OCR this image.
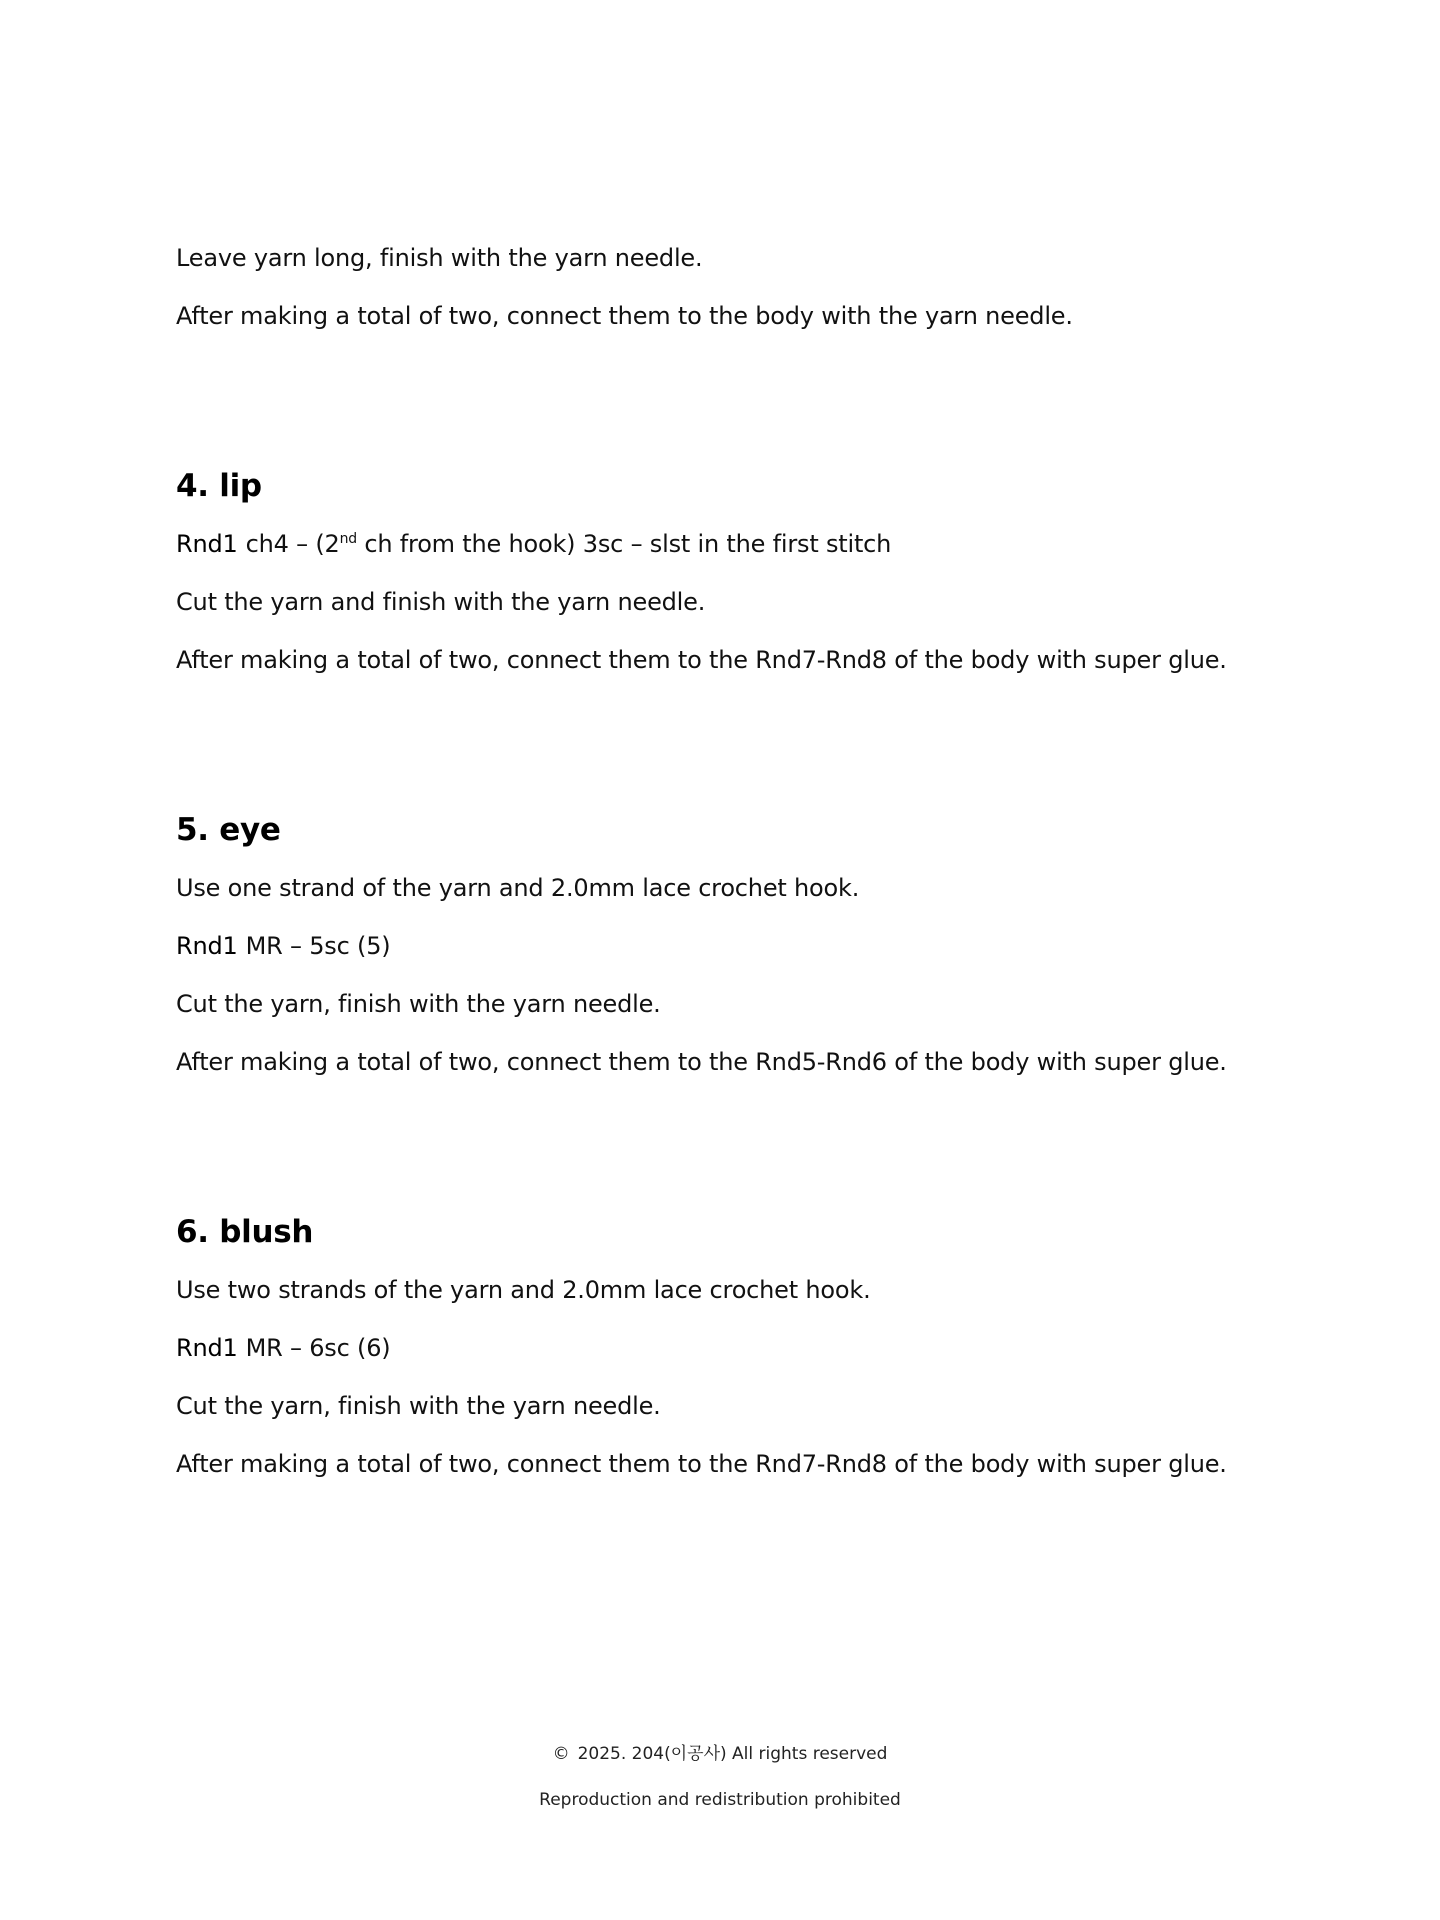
Leave yarn long, finish with the yarn needle.

After making a total of two, connect them to the body with the yarn needle.

4. lip

Rnd1 ch4 – (2nd ch from the hook) 3sc – slst in the first stitch

Cut the yarn and finish with the yarn needle.

After making a total of two, connect them to the Rnd7-Rnd8 of the body with super glue.

5. eye

Use one strand of the yarn and 2.0mm lace crochet hook.

Rnd1 MR – 5sc (5)

Cut the yarn, finish with the yarn needle.

After making a total of two, connect them to the Rnd5-Rnd6 of the body with super glue.

6. blush

Use two strands of the yarn and 2.0mm lace crochet hook.

Rnd1 MR – 6sc (6)

Cut the yarn, finish with the yarn needle.

After making a total of two, connect them to the Rnd7-Rnd8 of the body with super glue.

© 2025. 204(이공사) All rights reserved

Reproduction and redistribution prohibited
